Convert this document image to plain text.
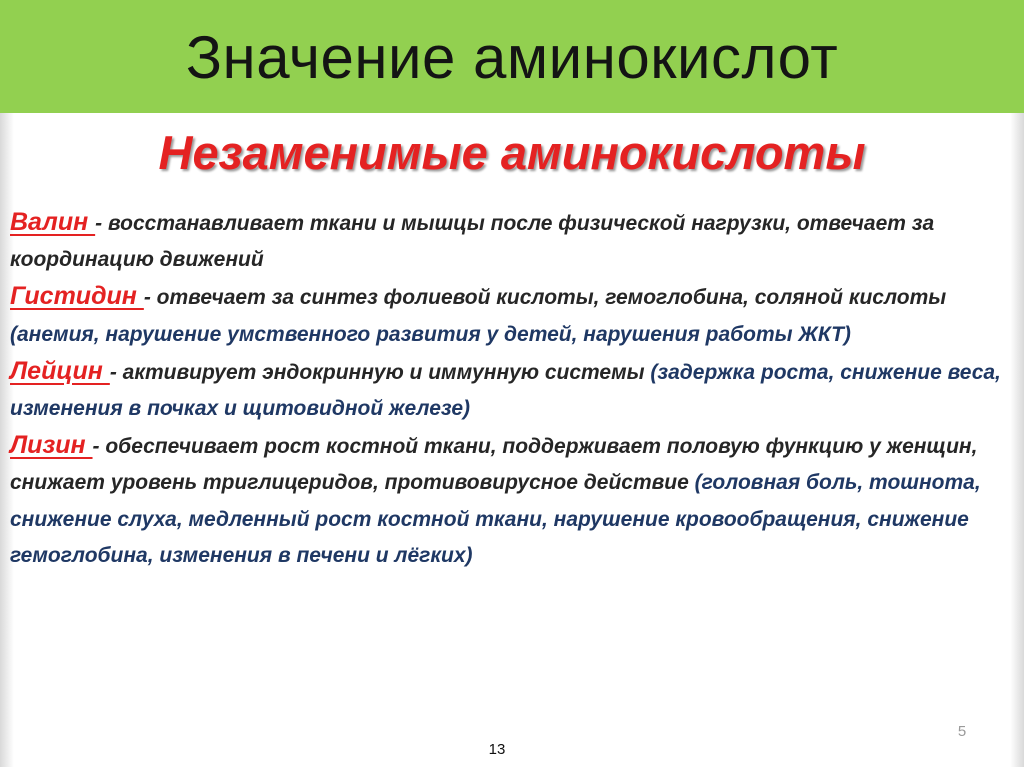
Значение аминокислот
Незаменимые аминокислоты

Валин - восстанавливает ткани и мышцы после физической нагрузки, отвечает за координацию движений

Гистидин - отвечает за синтез фолиевой кислоты, гемоглобина, соляной кислоты (анемия, нарушение умственного развития у детей, нарушения работы ЖКТ)

Лейцин - активирует эндокринную и иммунную системы (задержка роста, снижение веса, изменения в почках и щитовидной железе)

Лизин - обеспечивает рост костной ткани, поддерживает половую функцию у женщин, снижает уровень триглицеридов, противовирусное действие (головная боль, тошнота, снижение слуха, медленный рост костной ткани, нарушение кровообращения, снижение гемоглобина, изменения в печени и лёгких)

5
13
